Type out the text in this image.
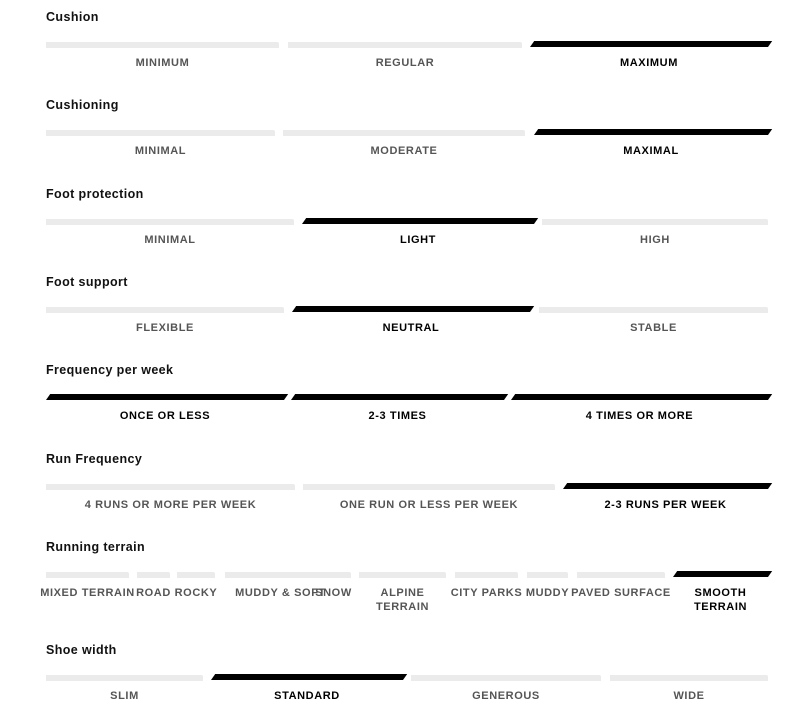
Cushion
MINIMUM	REGULAR	MAXIMUM
Cushioning
MINIMAL	MODERATE	MAXIMAL
Foot protection
MINIMAL	LIGHT	HIGH
Foot support
FLEXIBLE	NEUTRAL	STABLE
Frequency per week
ONCE OR LESS	2-3 TIMES	4 TIMES OR MORE
Run Frequency
4 RUNS OR MORE PER WEEK	ONE RUN OR LESS PER WEEK	2-3 RUNS PER WEEK
Running terrain
MIXED TERRAIN ROAD ROCKY	MUDDY & SOFT
SNOW	ALPINE TERRAIN
CITY PARKS MUDDY PAVED SURFACE	SMOOTH TERRAIN
Shoe width
SLIM	STANDARD	GENEROUS	WIDE
